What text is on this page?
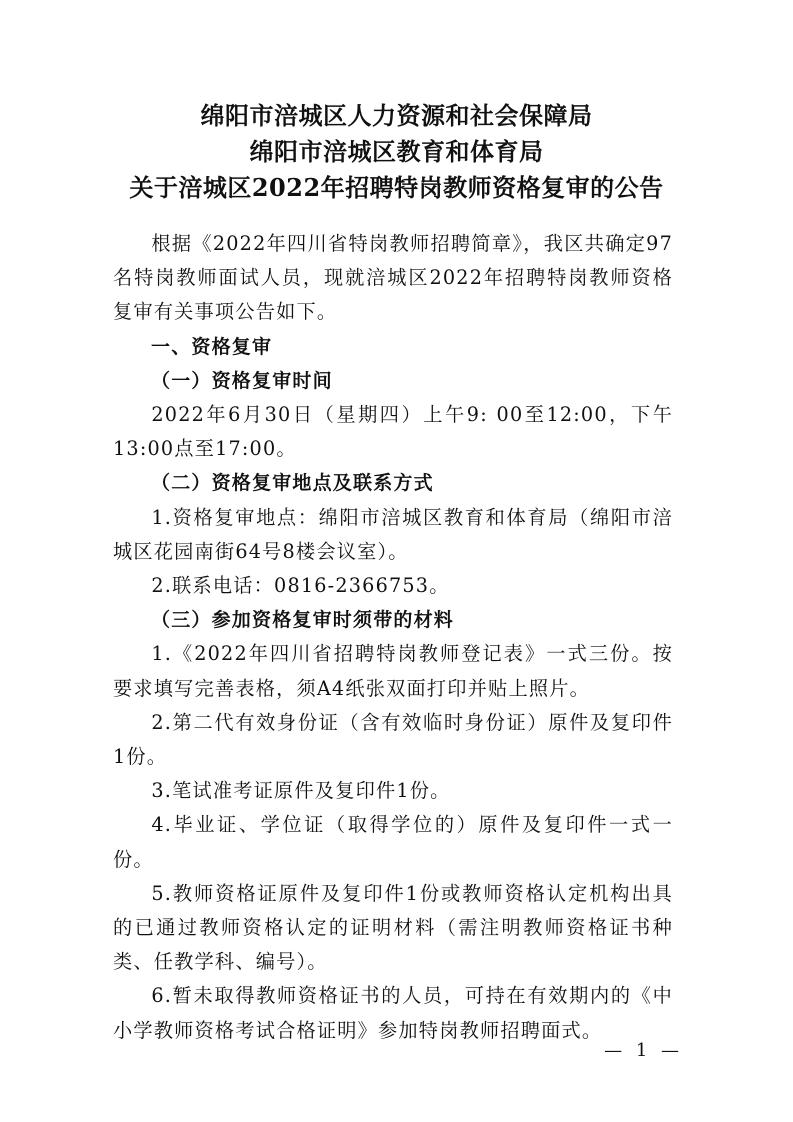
绵阳市涪城区人力资源和社会保障局
绵阳市涪城区教育和体育局
关于涪城区2022年招聘特岗教师资格复审的公告

根据《2022年四川省特岗教师招聘简章》，我区共确定97名特岗教师面试人员，现就涪城区2022年招聘特岗教师资格复审有关事项公告如下。

一、资格复审

（一）资格复审时间

2022年6月30日（星期四）上午9: 00至12:00，下午13:00点至17:00。

（二）资格复审地点及联系方式

1.资格复审地点：绵阳市涪城区教育和体育局（绵阳市涪城区花园南街64号8楼会议室）。

2.联系电话：0816-2366753。

（三）参加资格复审时须带的材料

1.《2022年四川省招聘特岗教师登记表》一式三份。按要求填写完善表格，须A4纸张双面打印并贴上照片。

2.第二代有效身份证（含有效临时身份证）原件及复印件1份。

3.笔试准考证原件及复印件1份。

4.毕业证、学位证（取得学位的）原件及复印件一式一份。

5.教师资格证原件及复印件1份或教师资格认定机构出具的已通过教师资格认定的证明材料（需注明教师资格证书种类、任教学科、编号）。

6.暂未取得教师资格证书的人员，可持在有效期内的《中小学教师资格考试合格证明》参加特岗教师招聘面式。

— 1 —
